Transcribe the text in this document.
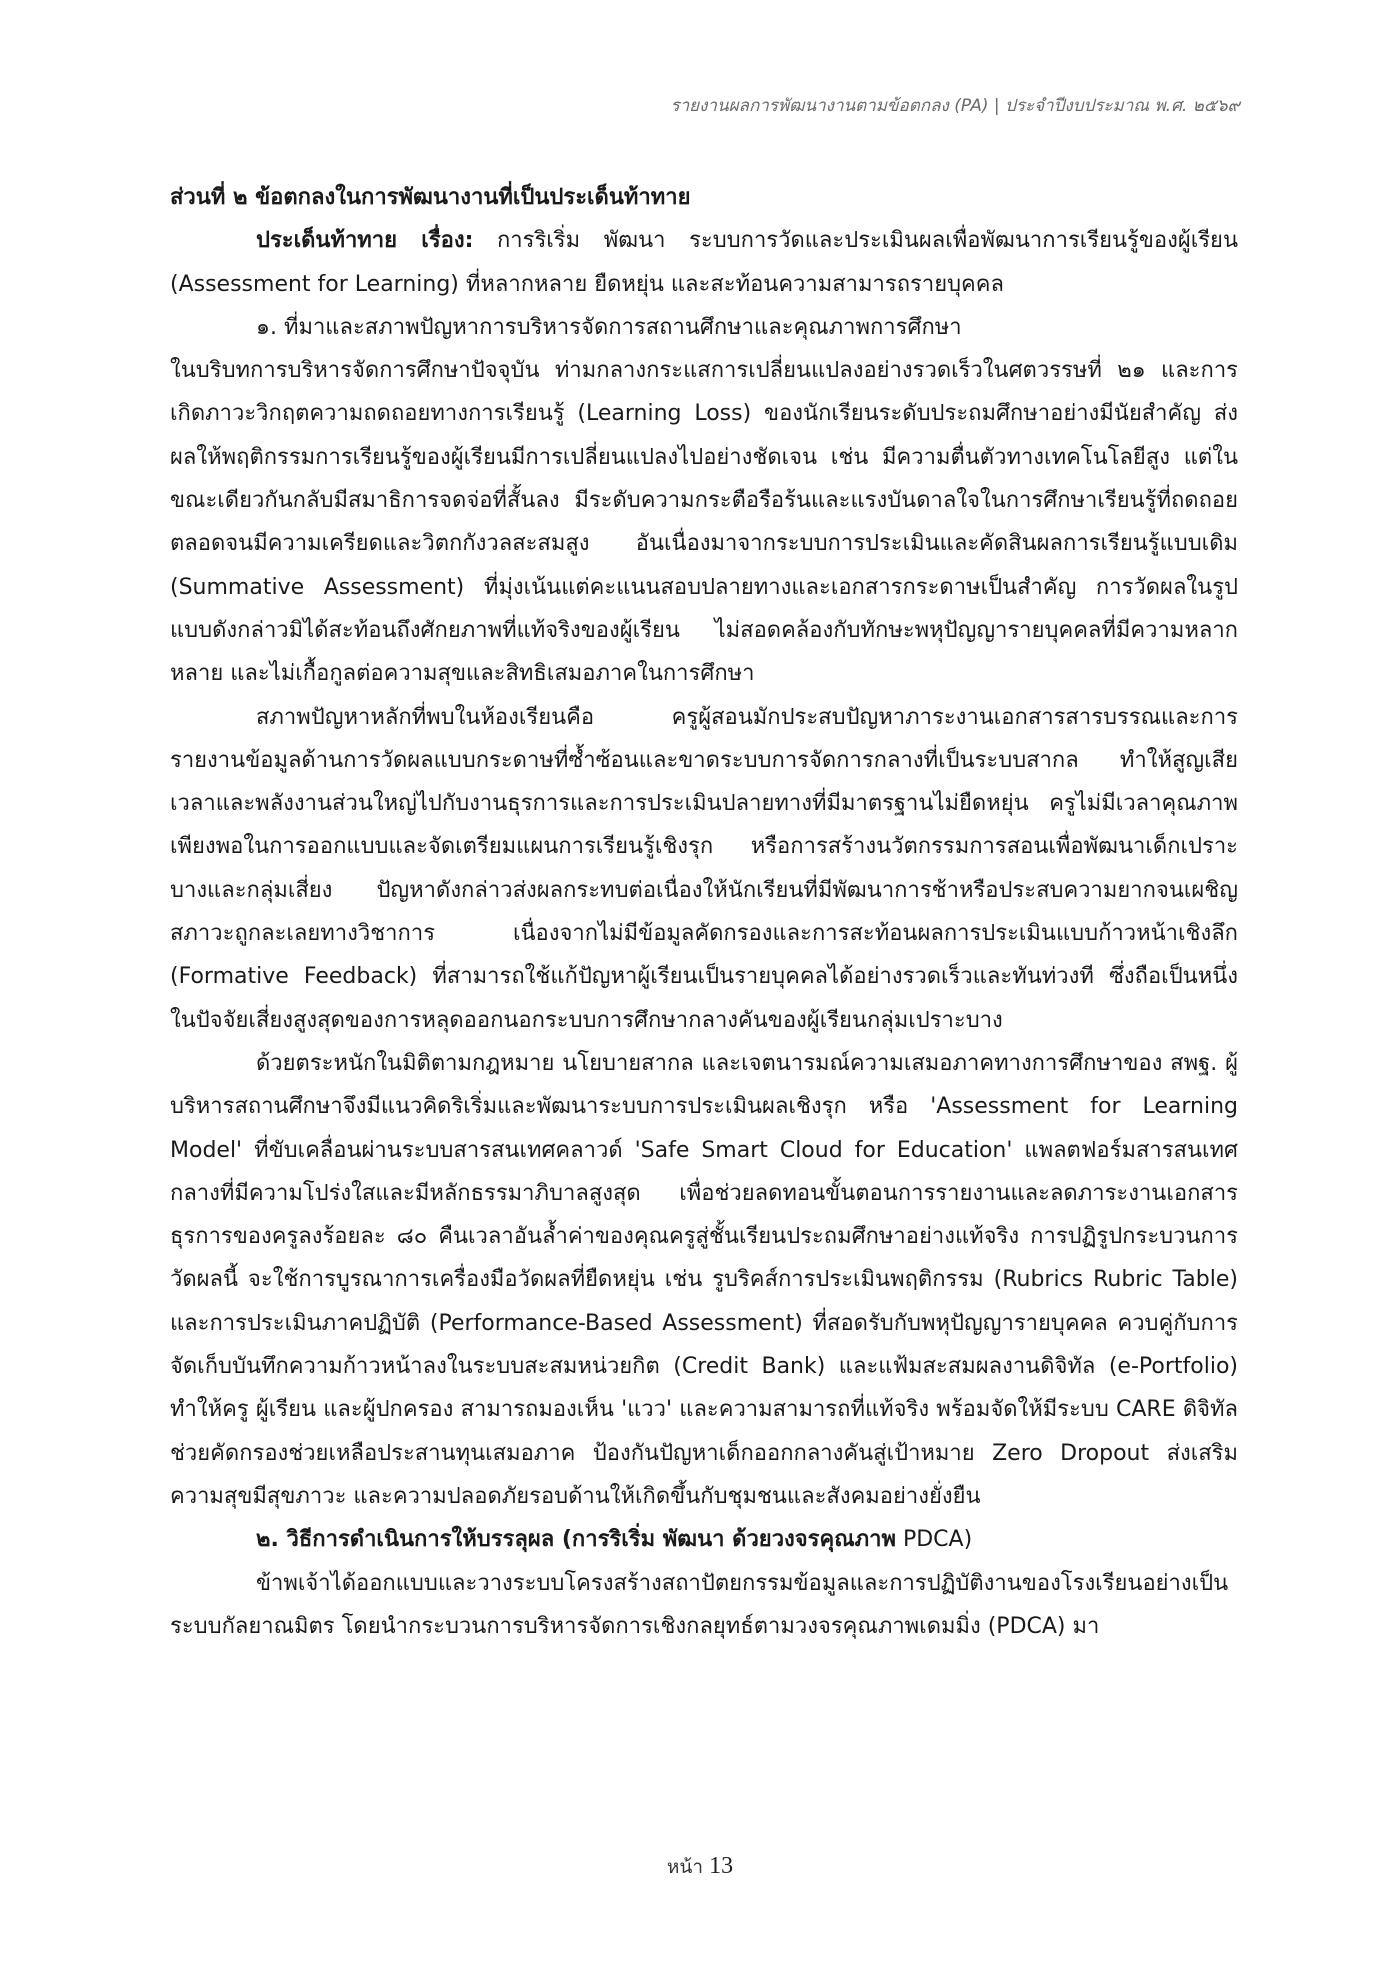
รายงานผลการพัฒนางานตามข้อตกลง (PA) | ประจำปีงบประมาณ พ.ศ. ๒๕๖๙

ส่วนที่ ๒ ข้อตกลงในการพัฒนางานที่เป็นประเด็นท้าทาย

ประเด็นท้าทาย เรื่อง: การริเริ่ม พัฒนา ระบบการวัดและประเมินผลเพื่อพัฒนาการเรียนรู้ของผู้เรียน (Assessment for Learning) ที่หลากหลาย ยืดหยุ่น และสะท้อนความสามารถรายบุคคล

๑. ที่มาและสภาพปัญหาการบริหารจัดการสถานศึกษาและคุณภาพการศึกษา

ในบริบทการบริหารจัดการศึกษาปัจจุบัน ท่ามกลางกระแสการเปลี่ยนแปลงอย่างรวดเร็วในศตวรรษที่ ๒๑ และการเกิดภาวะวิกฤตความถดถอยทางการเรียนรู้ (Learning Loss) ของนักเรียนระดับประถมศึกษาอย่างมีนัยสำคัญ ส่งผลให้พฤติกรรมการเรียนรู้ของผู้เรียนมีการเปลี่ยนแปลงไปอย่างชัดเจน เช่น มีความตื่นตัวทางเทคโนโลยีสูง แต่ในขณะเดียวกันกลับมีสมาธิการจดจ่อที่สั้นลง มีระดับความกระตือรือร้นและแรงบันดาลใจในการศึกษาเรียนรู้ที่ถดถอย ตลอดจนมีความเครียดและวิตกกังวลสะสมสูง อันเนื่องมาจากระบบการประเมินและคัดสินผลการเรียนรู้แบบเดิม (Summative Assessment) ที่มุ่งเน้นแต่คะแนนสอบปลายทางและเอกสารกระดาษเป็นสำคัญ การวัดผลในรูปแบบดังกล่าวมิได้สะท้อนถึงศักยภาพที่แท้จริงของผู้เรียน ไม่สอดคล้องกับทักษะพหุปัญญารายบุคคลที่มีความหลากหลาย และไม่เกื้อกูลต่อความสุขและสิทธิเสมอภาคในการศึกษา

สภาพปัญหาหลักที่พบในห้องเรียนคือ ครูผู้สอนมักประสบปัญหาภาระงานเอกสารสารบรรณและการรายงานข้อมูลด้านการวัดผลแบบกระดาษที่ซ้ำซ้อนและขาดระบบการจัดการกลางที่เป็นระบบสากล ทำให้สูญเสียเวลาและพลังงานส่วนใหญ่ไปกับงานธุรการและการประเมินปลายทางที่มีมาตรฐานไม่ยืดหยุ่น ครูไม่มีเวลาคุณภาพเพียงพอในการออกแบบและจัดเตรียมแผนการเรียนรู้เชิงรุก หรือการสร้างนวัตกรรมการสอนเพื่อพัฒนาเด็กเปราะบางและกลุ่มเสี่ยง ปัญหาดังกล่าวส่งผลกระทบต่อเนื่องให้นักเรียนที่มีพัฒนาการช้าหรือประสบความยากจนเผชิญสภาวะถูกละเลยทางวิชาการ เนื่องจากไม่มีข้อมูลคัดกรองและการสะท้อนผลการประเมินแบบก้าวหน้าเชิงลึก (Formative Feedback) ที่สามารถใช้แก้ปัญหาผู้เรียนเป็นรายบุคคลได้อย่างรวดเร็วและทันท่วงที ซึ่งถือเป็นหนึ่งในปัจจัยเสี่ยงสูงสุดของการหลุดออกนอกระบบการศึกษากลางคันของผู้เรียนกลุ่มเปราะบาง

ด้วยตระหนักในมิติตามกฎหมาย นโยบายสากล และเจตนารมณ์ความเสมอภาคทางการศึกษาของ สพฐ. ผู้บริหารสถานศึกษาจึงมีแนวคิดริเริ่มและพัฒนาระบบการประเมินผลเชิงรุก หรือ 'Assessment for Learning Model' ที่ขับเคลื่อนผ่านระบบสารสนเทศคลาวด์ 'Safe Smart Cloud for Education' แพลตฟอร์มสารสนเทศกลางที่มีความโปร่งใสและมีหลักธรรมาภิบาลสูงสุด เพื่อช่วยลดทอนขั้นตอนการรายงานและลดภาระงานเอกสารธุรการของครูลงร้อยละ ๘๐ คืนเวลาอันล้ำค่าของคุณครูสู่ชั้นเรียนประถมศึกษาอย่างแท้จริง การปฏิรูปกระบวนการวัดผลนี้ จะใช้การบูรณาการเครื่องมือวัดผลที่ยืดหยุ่น เช่น รูบริคส์การประเมินพฤติกรรม (Rubrics Rubric Table) และการประเมินภาคปฏิบัติ (Performance-Based Assessment) ที่สอดรับกับพหุปัญญารายบุคคล ควบคู่กับการจัดเก็บบันทึกความก้าวหน้าลงในระบบสะสมหน่วยกิต (Credit Bank) และแฟ้มสะสมผลงานดิจิทัล (e-Portfolio) ทำให้ครู ผู้เรียน และผู้ปกครอง สามารถมองเห็น 'แวว' และความสามารถที่แท้จริง พร้อมจัดให้มีระบบ CARE ดิจิทัลช่วยคัดกรองช่วยเหลือประสานทุนเสมอภาค ป้องกันปัญหาเด็กออกกลางคันสู่เป้าหมาย Zero Dropout ส่งเสริมความสุขมีสุขภาวะ และความปลอดภัยรอบด้านให้เกิดขึ้นกับชุมชนและสังคมอย่างยั่งยืน

๒. วิธีการดำเนินการให้บรรลุผล (การริเริ่ม พัฒนา ด้วยวงจรคุณภาพ PDCA)

ข้าพเจ้าได้ออกแบบและวางระบบโครงสร้างสถาปัตยกรรมข้อมูลและการปฏิบัติงานของโรงเรียนอย่างเป็นระบบกัลยาณมิตร โดยนำกระบวนการบริหารจัดการเชิงกลยุทธ์ตามวงจรคุณภาพเดมมิ่ง (PDCA) มา

หน้า 13
